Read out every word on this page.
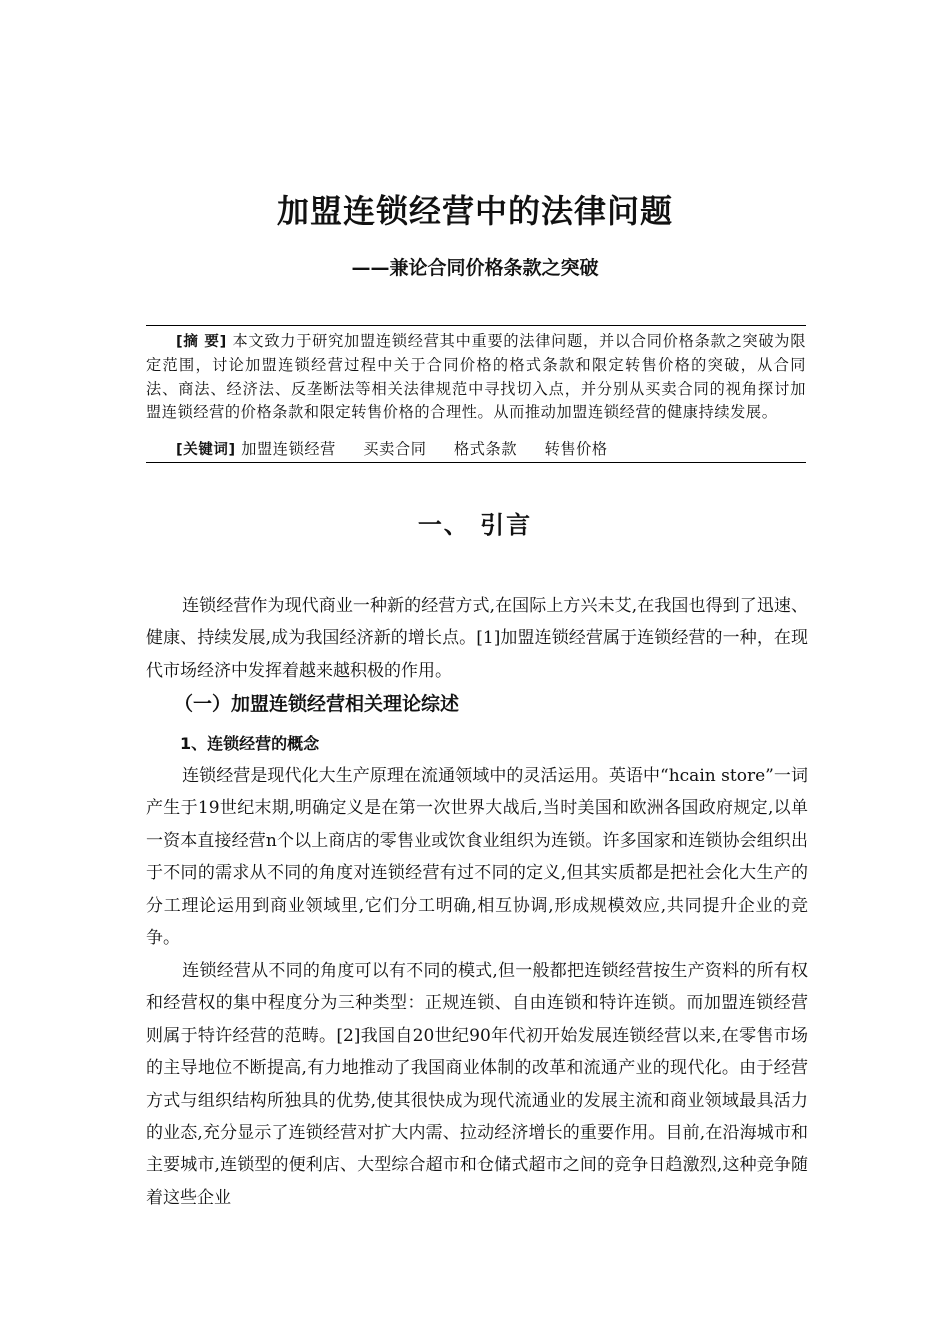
加盟连锁经营中的法律问题
——兼论合同价格条款之突破
[摘 要] 本文致力于研究加盟连锁经营其中重要的法律问题，并以合同价格条款之突破为限定范围，讨论加盟连锁经营过程中关于合同价格的格式条款和限定转售价格的突破，从合同法、商法、经济法、反垄断法等相关法律规范中寻找切入点，并分别从买卖合同的视角探讨加盟连锁经营的价格条款和限定转售价格的合理性。从而推动加盟连锁经营的健康持续发展。
[关键词] 加盟连锁经营 买卖合同 格式条款 转售价格
一、 引言

连锁经营作为现代商业一种新的经营方式,在国际上方兴未艾,在我国也得到了迅速、健康、持续发展,成为我国经济新的增长点。[1]加盟连锁经营属于连锁经营的一种，在现代市场经济中发挥着越来越积极的作用。

（一）加盟连锁经营相关理论综述
1、连锁经营的概念

连锁经营是现代化大生产原理在流通领域中的灵活运用。英语中“hcain store”一词产生于19世纪末期,明确定义是在第一次世界大战后,当时美国和欧洲各国政府规定,以单一资本直接经营n个以上商店的零售业或饮食业组织为连锁。许多国家和连锁协会组织出于不同的需求从不同的角度对连锁经营有过不同的定义,但其实质都是把社会化大生产的分工理论运用到商业领域里,它们分工明确,相互协调,形成规模效应,共同提升企业的竞争。

连锁经营从不同的角度可以有不同的模式,但一般都把连锁经营按生产资料的所有权和经营权的集中程度分为三种类型：正规连锁、自由连锁和特许连锁。而加盟连锁经营则属于特许经营的范畴。[2]我国自20世纪90年代初开始发展连锁经营以来,在零售市场的主导地位不断提高,有力地推动了我国商业体制的改革和流通产业的现代化。由于经营方式与组织结构所独具的优势,使其很快成为现代流通业的发展主流和商业领域最具活力的业态,充分显示了连锁经营对扩大内需、拉动经济增长的重要作用。目前,在沿海城市和主要城市,连锁型的便利店、大型综合超市和仓储式超市之间的竞争日趋激烈,这种竞争随着这些企业
